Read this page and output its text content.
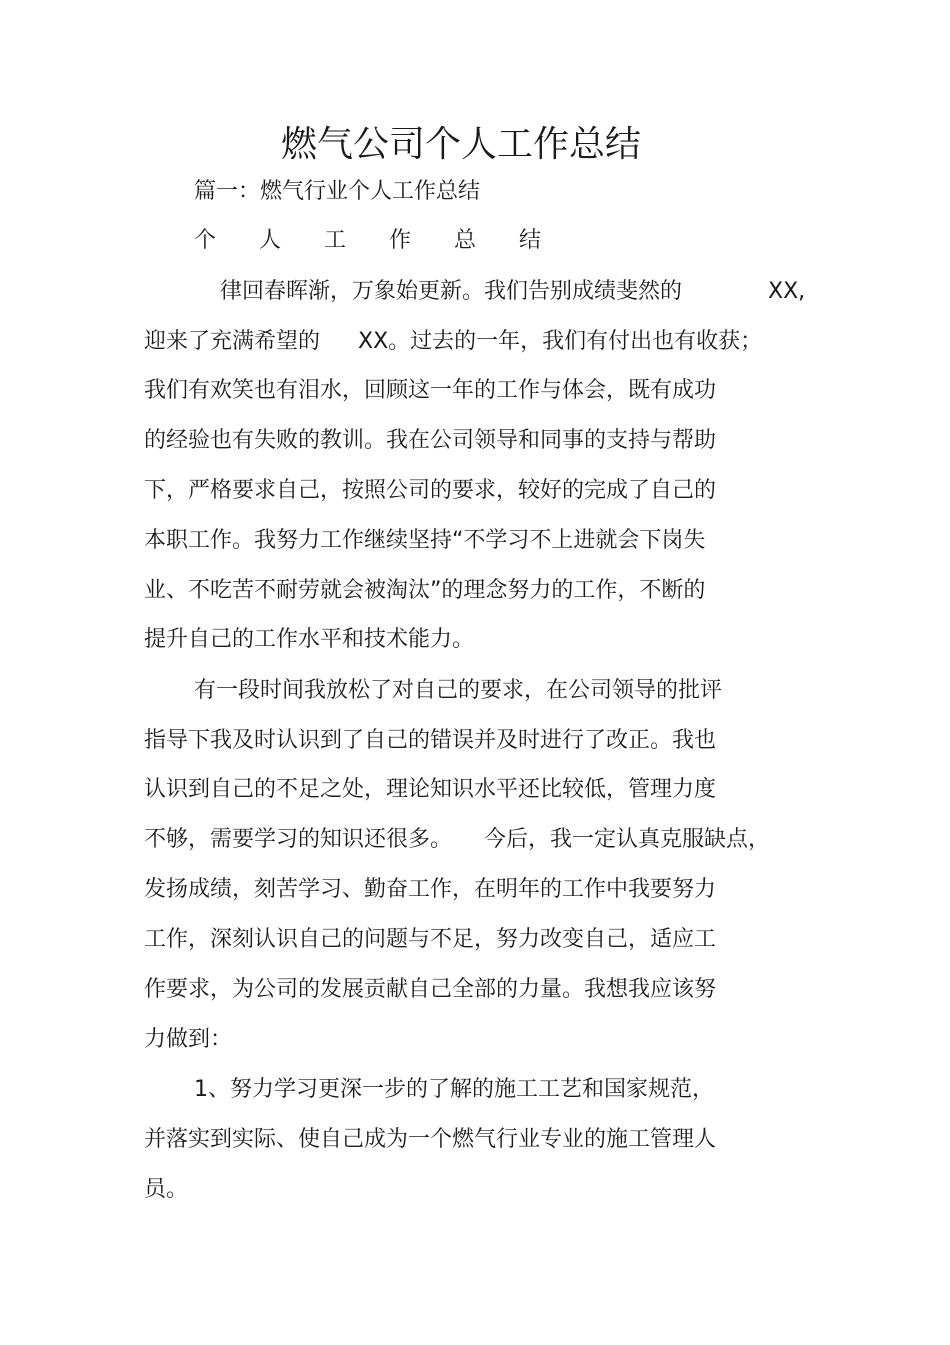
燃气公司个人工作总结

篇一：燃气行业个人工作总结

个 人 工 作 总 结

律回春晖渐，万象始更新。我们告别成绩斐然的	XX,

迎来了充满希望的 XX。过去的一年，我们有付出也有收获；

我们有欢笑也有泪水，回顾这一年的工作与体会，既有成功

的经验也有失败的教训。我在公司领导和同事的支持与帮助

下，严格要求自己，按照公司的要求，较好的完成了自己的

本职工作。我努力工作继续坚持“不学习不上进就会下岗失

业、不吃苦不耐劳就会被淘汰”的理念努力的工作，不断的

提升自己的工作水平和技术能力。

有一段时间我放松了对自己的要求，在公司领导的批评

指导下我及时认识到了自己的错误并及时进行了改正。我也

认识到自己的不足之处，理论知识水平还比较低，管理力度

不够，需要学习的知识还很多。 今后，我一定认真克服缺点，

发扬成绩，刻苦学习、勤奋工作，在明年的工作中我要努力

工作，深刻认识自己的问题与不足，努力改变自己，适应工

作要求，为公司的发展贡献自己全部的力量。我想我应该努

力做到：

1、努力学习更深一步的了解的施工工艺和国家规范，

并落实到实际、使自己成为一个燃气行业专业的施工管理人

员。
